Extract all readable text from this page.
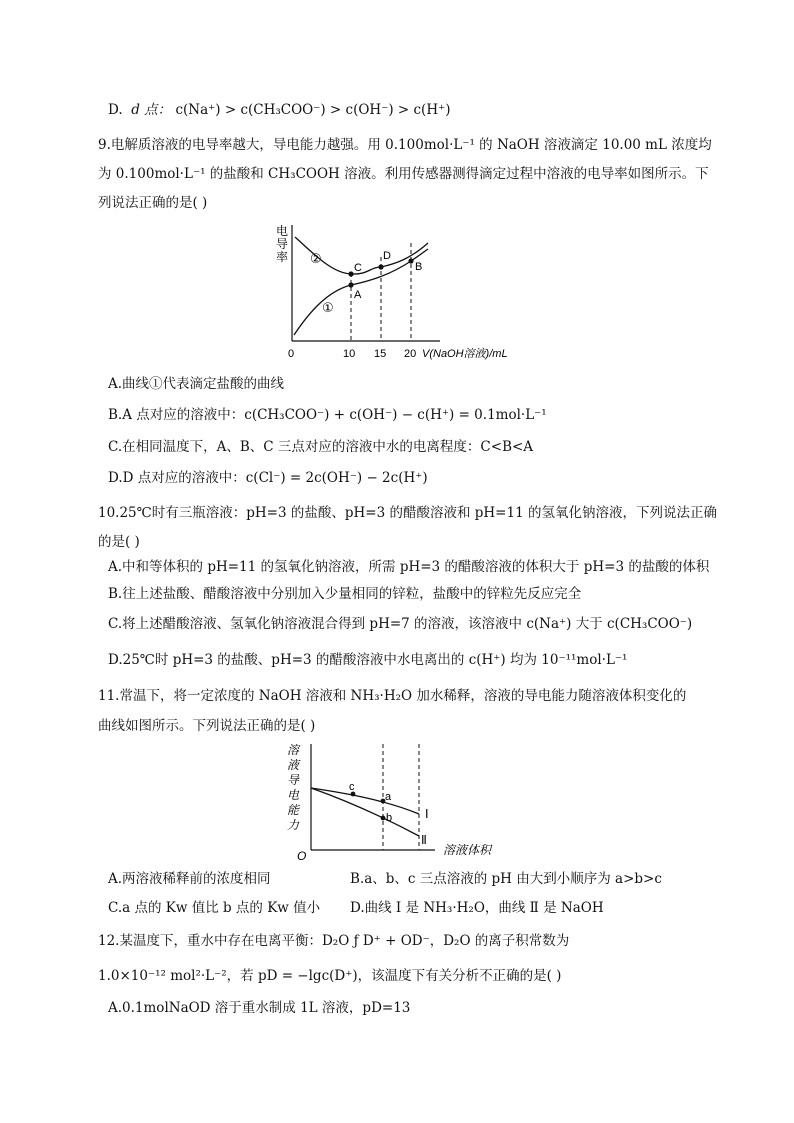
D. d 点： c(Na⁺) > c(CH₃COO⁻) > c(OH⁻) > c(H⁺)
9.电解质溶液的电导率越大，导电能力越强。用 0.100mol·L⁻¹ 的 NaOH 溶液滴定 10.00 mL 浓度均
为 0.100mol·L⁻¹ 的盐酸和 CH₃COOH 溶液。利用传感器测得滴定过程中溶液的电导率如图所示。下
列说法正确的是( )
电导率
C
A
D
B
②
①
0	10 15 20 V(NaOH溶液)/mL
A.曲线①代表滴定盐酸的曲线
B.A 点对应的溶液中：c(CH₃COO⁻) + c(OH⁻) − c(H⁺) = 0.1mol·L⁻¹
C.在相同温度下，A、B、C 三点对应的溶液中水的电离程度：C<B<A
D.D 点对应的溶液中：c(Cl⁻) = 2c(OH⁻) − 2c(H⁺)
10.25℃时有三瓶溶液：pH=3 的盐酸、pH=3 的醋酸溶液和 pH=11 的氢氧化钠溶液，下列说法正确
的是( )
A.中和等体积的 pH=11 的氢氧化钠溶液，所需 pH=3 的醋酸溶液的体积大于 pH=3 的盐酸的体积
B.往上述盐酸、醋酸溶液中分别加入少量相同的锌粒，盐酸中的锌粒先反应完全
C.将上述醋酸溶液、氢氧化钠溶液混合得到 pH=7 的溶液，该溶液中 c(Na⁺) 大于 c(CH₃COO⁻)
D.25℃时 pH=3 的盐酸、pH=3 的醋酸溶液中水电离出的 c(H⁺) 均为 10⁻¹¹mol·L⁻¹
11.常温下，将一定浓度的 NaOH 溶液和 NH₃·H₂O 加水稀释，溶液的导电能力随溶液体积变化的
曲线如图所示。下列说法正确的是( )
溶
液
导
电
能
力
O
c
a
b	Ⅰ
Ⅱ
溶液体积
A.两溶液稀释前的浓度相同	B.a、b、c 三点溶液的 pH 由大到小顺序为 a>b>c
C.a 点的 Kw 值比 b 点的 Kw 值小 D.曲线 Ⅰ 是 NH₃·H₂O，曲线 Ⅱ 是 NaOH
12.某温度下，重水中存在电离平衡：D₂O ƒ D⁺ + OD⁻，D₂O 的离子积常数为
1.0×10⁻¹² mol²·L⁻²，若 pD = −lgc(D⁺)，该温度下有关分析不正确的是( )
A.0.1molNaOD 溶于重水制成 1L 溶液，pD=13
